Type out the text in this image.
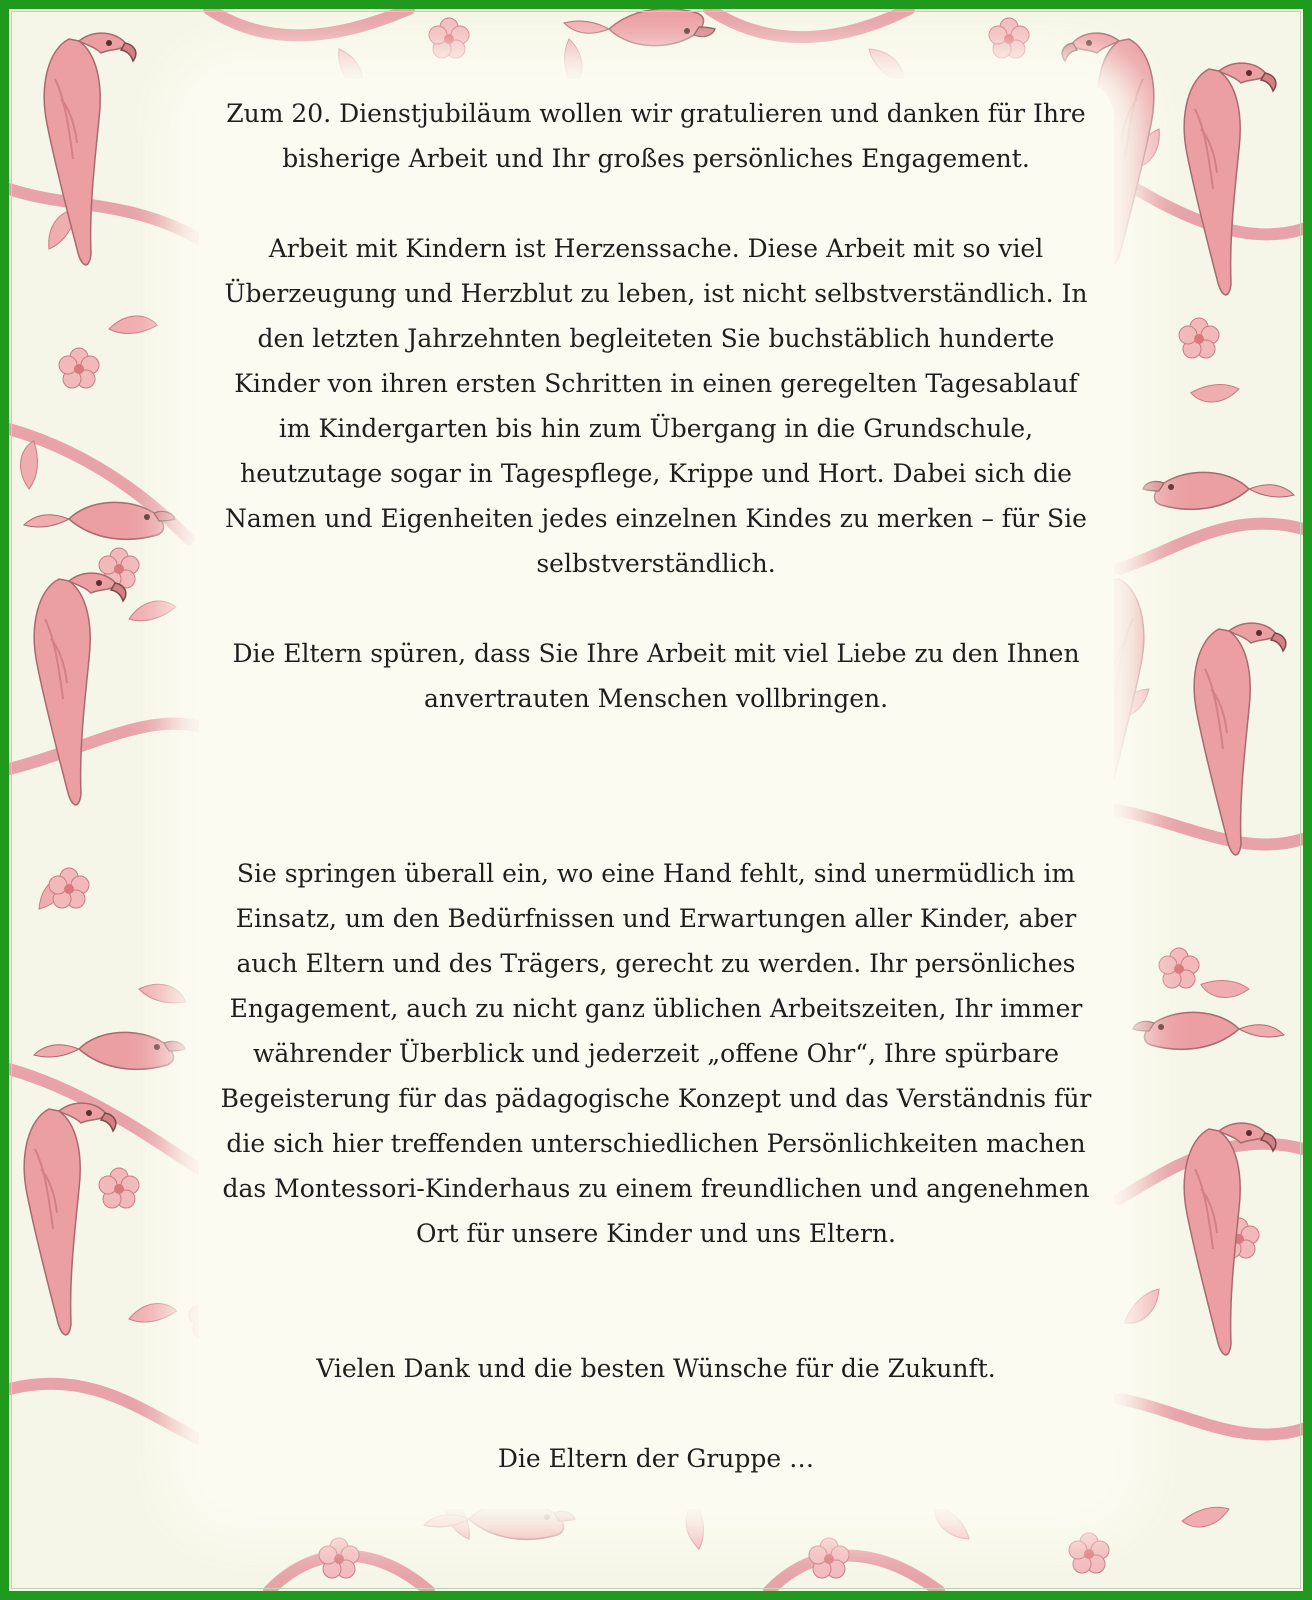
Zum 20. Dienstjubiläum wollen wir gratulieren und danken für Ihre
bisherige Arbeit und Ihr großes persönliches Engagement.

Arbeit mit Kindern ist Herzenssache. Diese Arbeit mit so viel
Überzeugung und Herzblut zu leben, ist nicht selbstverständlich. In
den letzten Jahrzehnten begleiteten Sie buchstäblich hunderte
Kinder von ihren ersten Schritten in einen geregelten Tagesablauf
im Kindergarten bis hin zum Übergang in die Grundschule,
heutzutage sogar in Tagespflege, Krippe und Hort. Dabei sich die
Namen und Eigenheiten jedes einzelnen Kindes zu merken – für Sie
selbstverständlich.

Die Eltern spüren, dass Sie Ihre Arbeit mit viel Liebe zu den Ihnen
anvertrauten Menschen vollbringen.

Sie springen überall ein, wo eine Hand fehlt, sind unermüdlich im
Einsatz, um den Bedürfnissen und Erwartungen aller Kinder, aber
auch Eltern und des Trägers, gerecht zu werden. Ihr persönliches
Engagement, auch zu nicht ganz üblichen Arbeitszeiten, Ihr immer
währender Überblick und jederzeit „offene Ohr“, Ihre spürbare
Begeisterung für das pädagogische Konzept und das Verständnis für
die sich hier treffenden unterschiedlichen Persönlichkeiten machen
das Montessori-Kinderhaus zu einem freundlichen und angenehmen
Ort für unsere Kinder und uns Eltern.

Vielen Dank und die besten Wünsche für die Zukunft.

Die Eltern der Gruppe …
